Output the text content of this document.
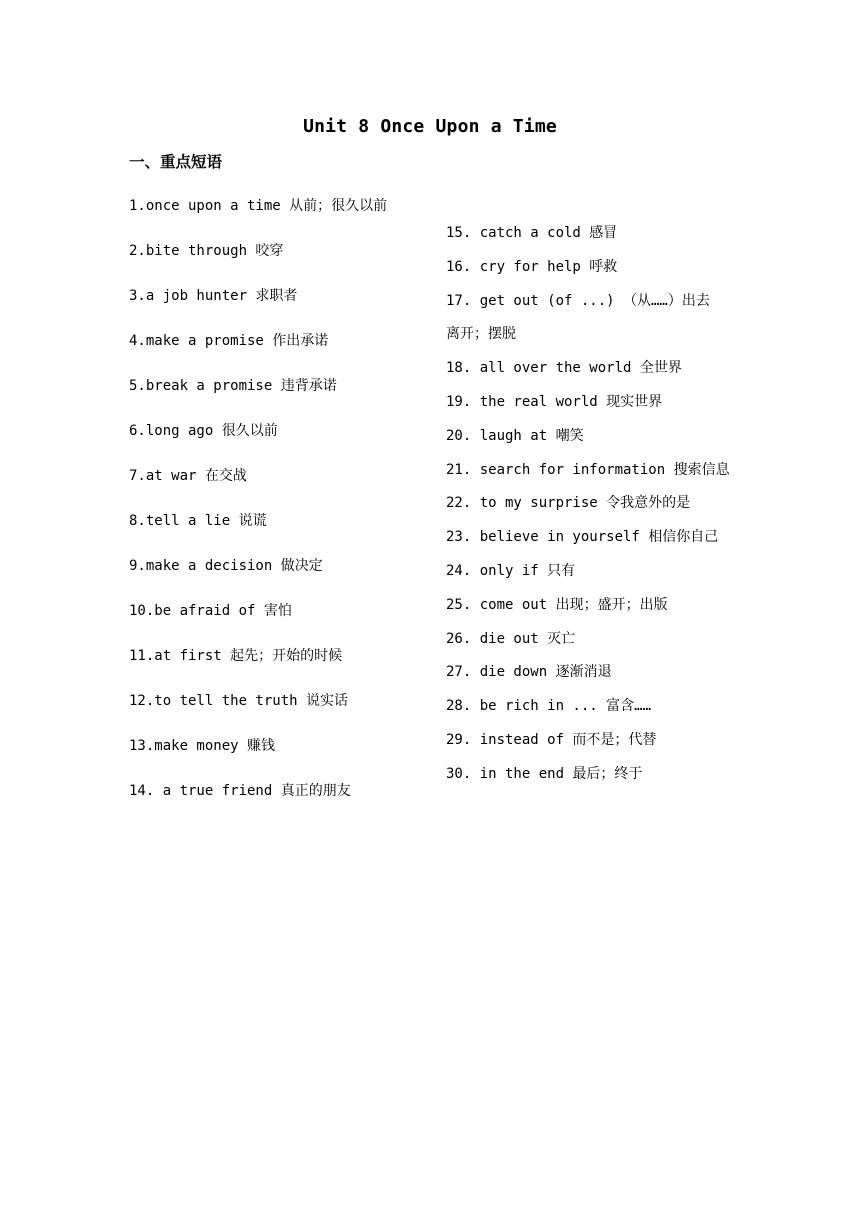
Unit 8 Once Upon a Time
一、重点短语
1.once upon a time 从前；很久以前
2.bite through 咬穿
3.a job hunter 求职者
4.make a promise 作出承诺
5.break a promise 违背承诺
6.long ago 很久以前
7.at war 在交战
8.tell a lie 说谎
9.make a decision 做决定
10.be afraid of 害怕
11.at first 起先；开始的时候
12.to tell the truth 说实话
13.make money 赚钱
14. a true friend 真正的朋友
15. catch a cold 感冒
16. cry for help 呼救
17. get out (of ...) （从……）出去
离开；摆脱
18. all over the world 全世界
19. the real world 现实世界
20. laugh at 嘲笑
21. search for information 搜索信息
22. to my surprise 令我意外的是
23. believe in yourself 相信你自己
24. only if 只有
25. come out 出现；盛开；出版
26. die out 灭亡
27. die down 逐渐消退
28. be rich in ... 富含……
29. instead of 而不是；代替
30. in the end 最后；终于
